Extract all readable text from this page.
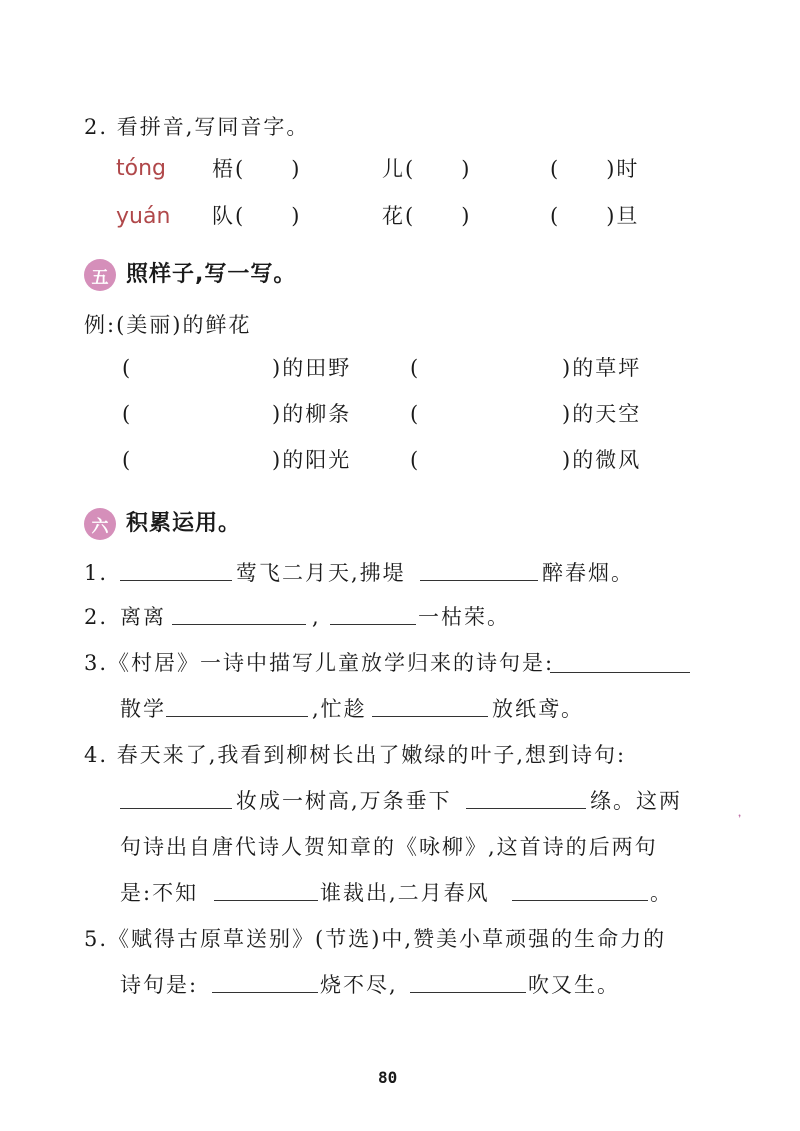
2. 看拼音,写同音字。
tóng 梧(　　)	儿(　　)	(　　)时
yuán 队(　　)	花(　　)	(　　)旦
五 照样子,写一写。
例:(美丽)的鲜花
(	)的田野	(	)的草坪
(	)的柳条	(	)的天空
(	)的阳光	(	)的微风
六 积累运用。
1.	莺飞二月天,拂堤	醉春烟。
2. 离离	,	一枯荣。
3.《村居》一诗中描写儿童放学归来的诗句是:
散学	,忙趁	放纸鸢。
4. 春天来了,我看到柳树长出了嫩绿的叶子,想到诗句:
妆成一树高,万条垂下	绦。这两
᾽
句诗出自唐代诗人贺知章的《咏柳》,这首诗的后两句
是:不知	谁裁出,二月春风	。
5.《赋得古原草送别》(节选)中,赞美小草顽强的生命力的
诗句是:	烧不尽,	吹又生。
80
